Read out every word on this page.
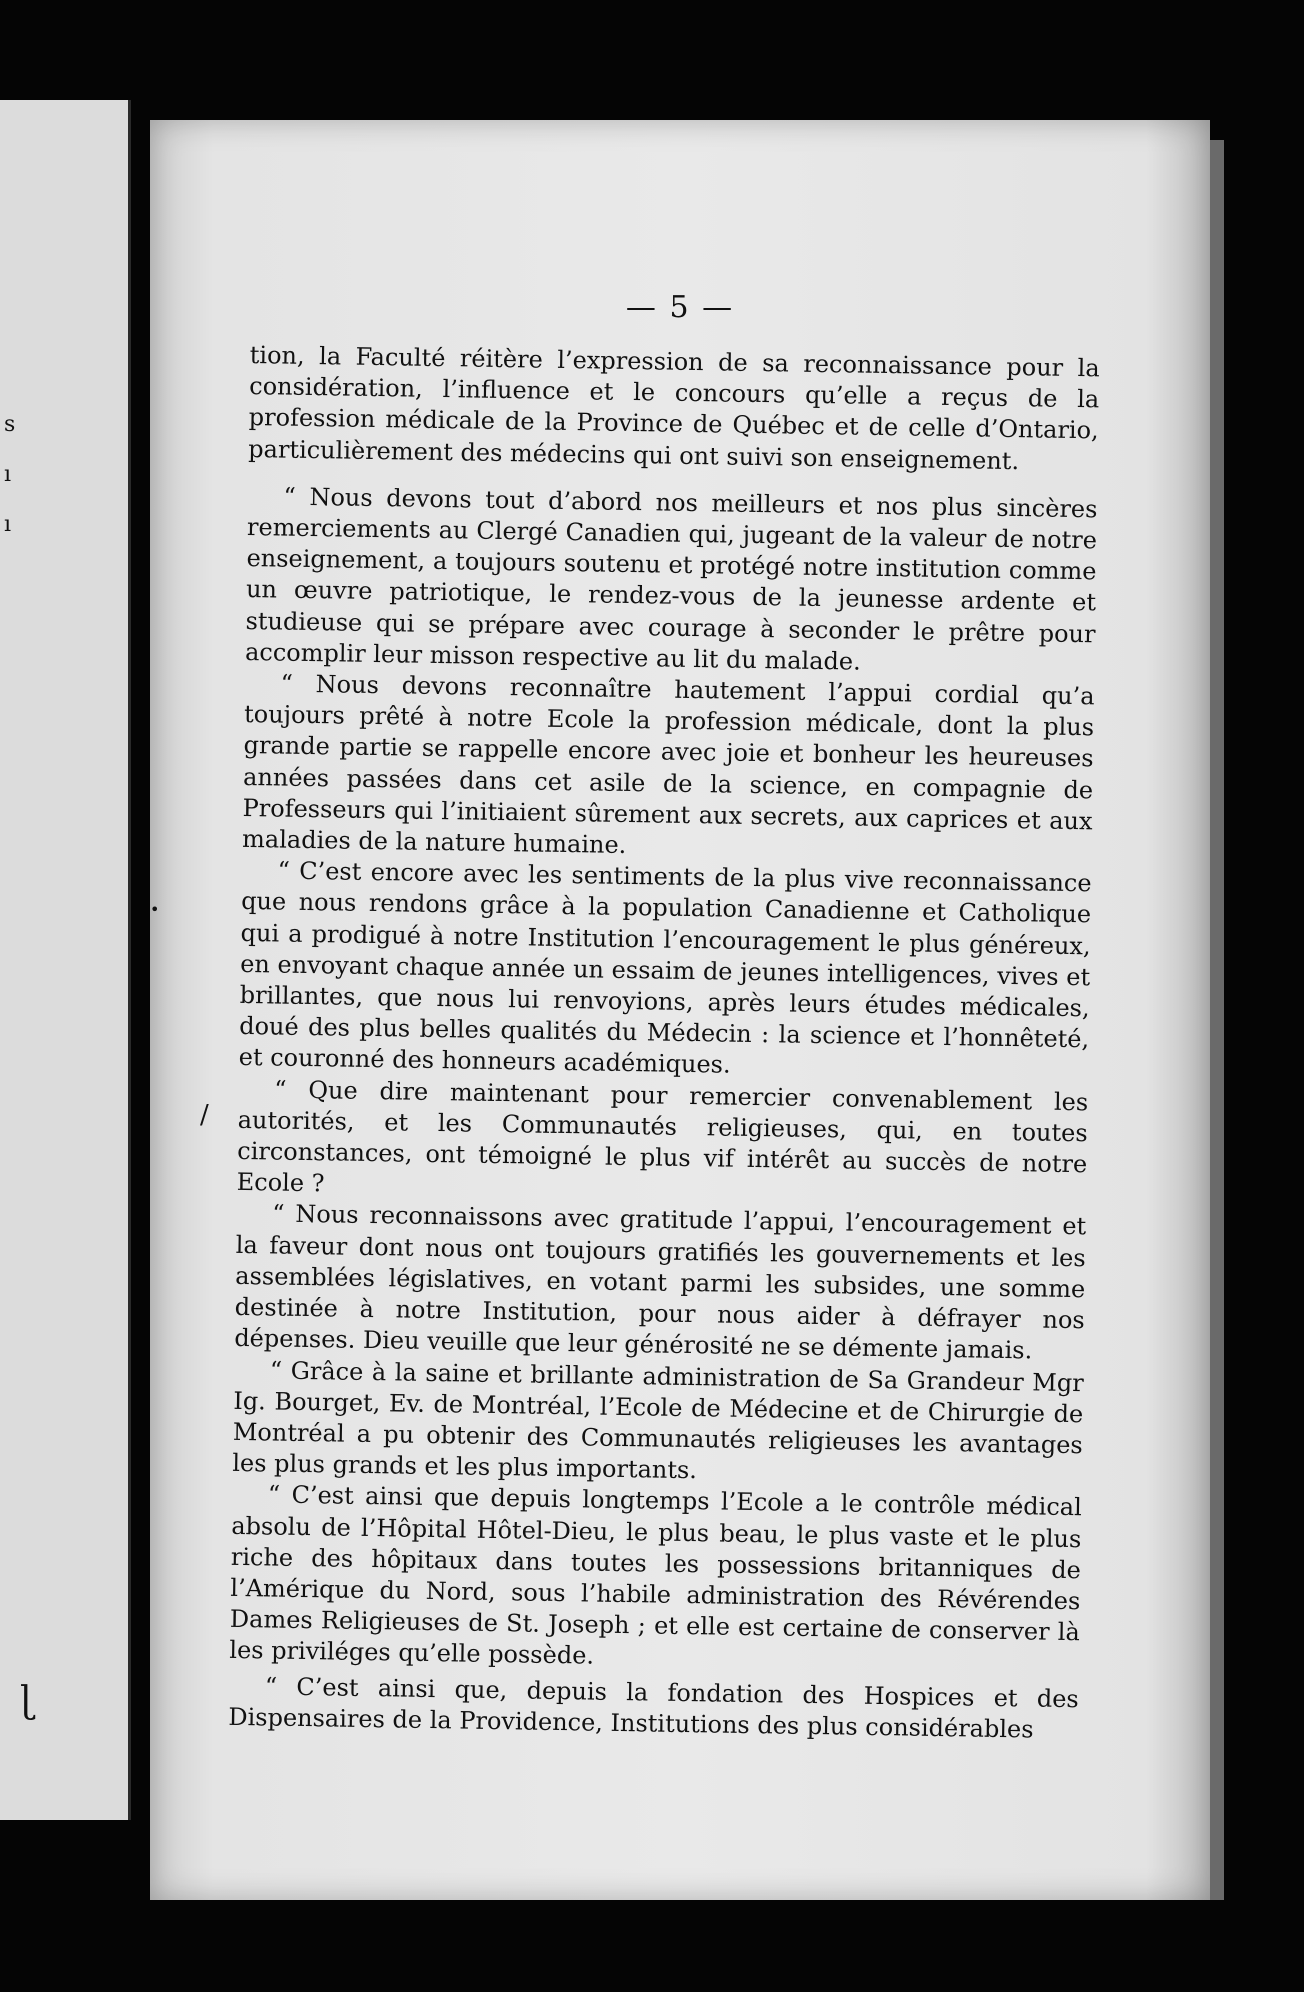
s
ı
ı
— 5 —

tion, la Faculté réitère l’expression de sa reconnaissance pour la considération, l’influence et le concours qu’elle a reçus de la profession médicale de la Province de Québec et de celle d’Ontario, particulièrement des médecins qui ont suivi son enseignement.

“ Nous devons tout d’abord nos meilleurs et nos plus sincères remerciements au Clergé Canadien qui, jugeant de la valeur de notre enseignement, a toujours soutenu et protégé notre institution comme un œuvre patriotique, le rendez-vous de la jeunesse ardente et studieuse qui se prépare avec courage à seconder le prêtre pour accomplir leur misson respective au lit du malade.

“ Nous devons reconnaître hautement l’appui cordial qu’a toujours prêté à notre Ecole la profession médicale, dont la plus grande partie se rappelle encore avec joie et bonheur les heureuses années passées dans cet asile de la science, en compagnie de Professeurs qui l’initiaient sûrement aux secrets, aux caprices et aux maladies de la nature humaine.

“ C’est encore avec les sentiments de la plus vive reconnaissance que nous rendons grâce à la population Canadienne et Catholique qui a prodigué à notre Institution l’encouragement le plus généreux, en envoyant chaque année un essaim de jeunes intelligences, vives et brillantes, que nous lui renvoyions, après leurs études médicales, doué des plus belles qualités du Médecin : la science et l’honnêteté, et couronné des honneurs académiques.

“ Que dire maintenant pour remercier convenablement les autorités, et les Communautés religieuses, qui, en toutes circonstances, ont témoigné le plus vif intérêt au succès de notre Ecole ?

“ Nous reconnaissons avec gratitude l’appui, l’encouragement et la faveur dont nous ont toujours gratifiés les gouvernements et les assemblées législatives, en votant parmi les subsides, une somme destinée à notre Institution, pour nous aider à défrayer nos dépenses. Dieu veuille que leur générosité ne se démente jamais.

“ Grâce à la saine et brillante administration de Sa Grandeur Mgr Ig. Bourget, Ev. de Montréal, l’Ecole de Médecine et de Chirurgie de Montréal a pu obtenir des Communautés religieuses les avantages les plus grands et les plus importants.

“ C’est ainsi que depuis longtemps l’Ecole a le contrôle médical absolu de l’Hôpital Hôtel-Dieu, le plus beau, le plus vaste et le plus riche des hôpitaux dans toutes les possessions britanniques de l’Amérique du Nord, sous l’habile administration des Révérendes Dames Religieuses de St. Joseph ; et elle est certaine de conserver là les priviléges qu’elle possède.

“ C’est ainsi que, depuis la fondation des Hospices et des Dispensaires de la Providence, Institutions des plus considérables

•
/
ɭ
